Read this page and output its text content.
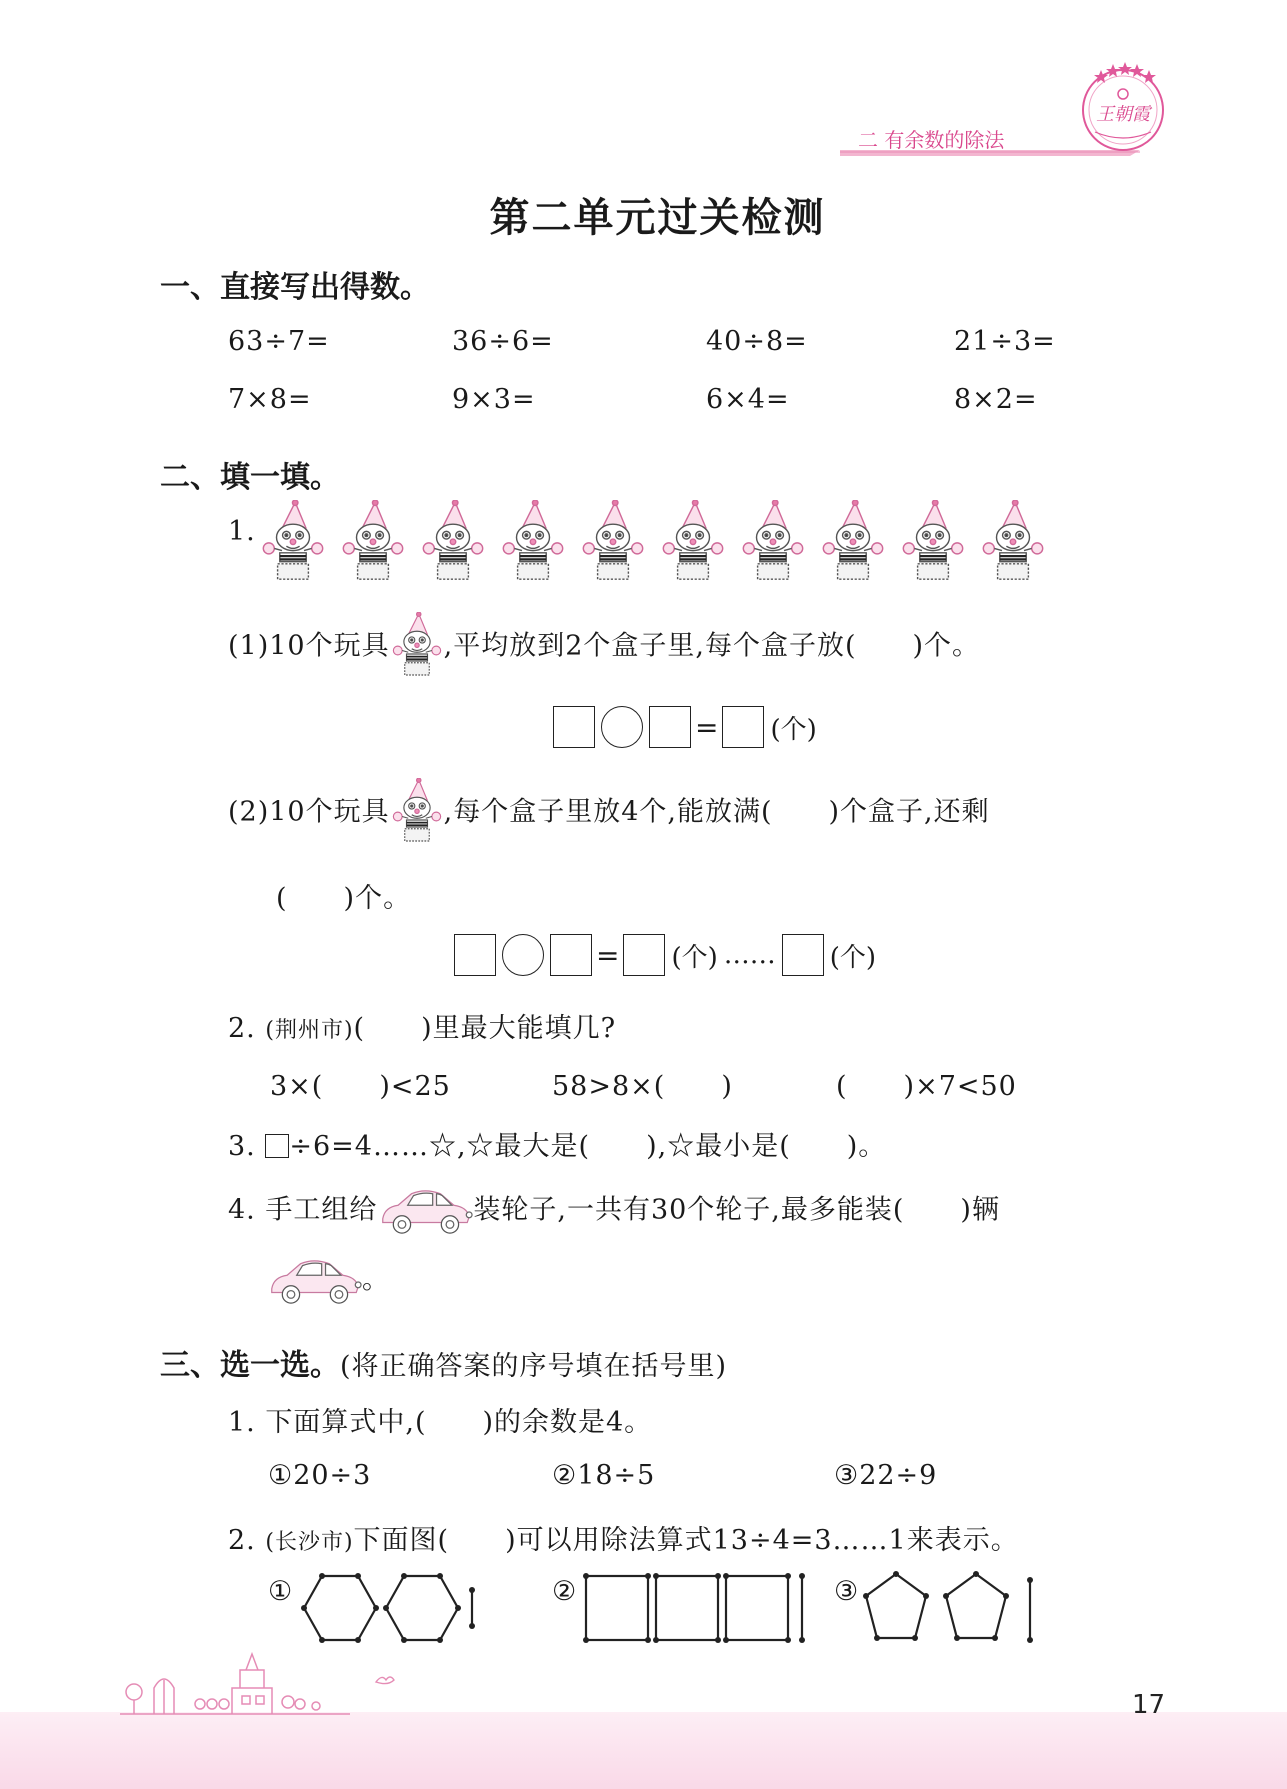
二 有余数的除法
王朝霞
第二单元过关检测
一、直接写出得数。
63÷7=	36÷6=	40÷8=	21÷3=
7×8=	9×3=	6×4=	8×2=
二、填一填。
1.
(1)10个玩具 ,平均放到2个盒子里,每个盒子放(　　)个。
= (个)
(2)10个玩具 ,每个盒子里放4个,能放满(　　)个盒子,还剩
(　　)个。
= (个) …… (个)
2. (荆州市)(　　)里最大能填几?
3×(　　)<25	58>8×(　　)	(　　)×7<50
3. ÷6=4……☆,☆最大是(　　),☆最小是(　　)。
4. 手工组给	装轮子,一共有30个轮子,最多能装(　　)辆
。
三、选一选。(将正确答案的序号填在括号里)
1. 下面算式中,(　　)的余数是4。
①20÷3	②18÷5	③22÷9
2. (长沙市)下面图(　　)可以用除法算式13÷4=3……1来表示。
①	②	③
17
